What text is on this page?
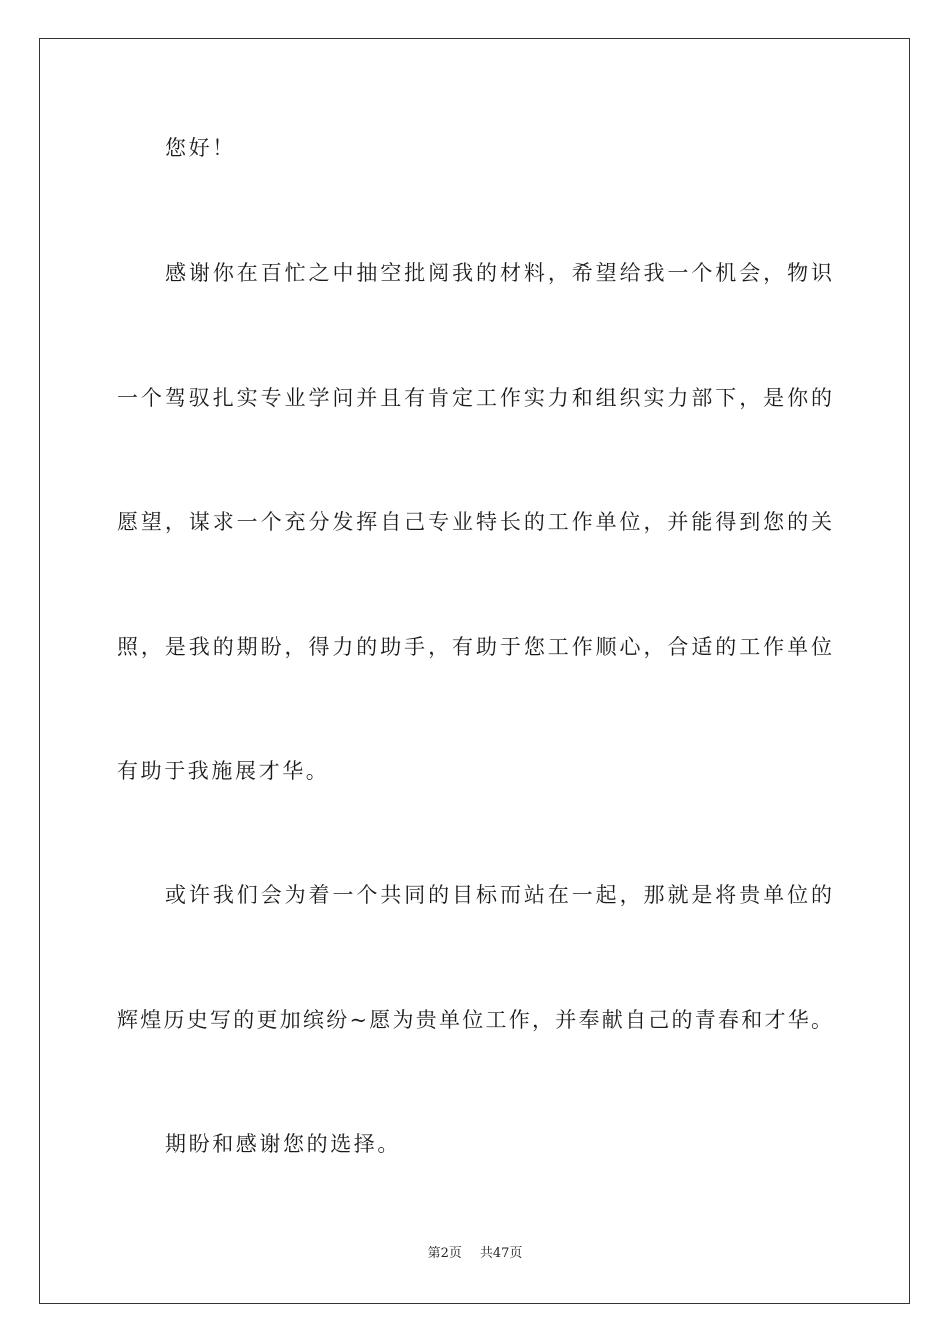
您好！
感谢你在百忙之中抽空批阅我的材料，希望给我一个机会，物识
一个驾驭扎实专业学问并且有肯定工作实力和组织实力部下，是你的
愿望，谋求一个充分发挥自己专业特长的工作单位，并能得到您的关
照，是我的期盼，得力的助手，有助于您工作顺心，合适的工作单位
有助于我施展才华。
或许我们会为着一个共同的目标而站在一起，那就是将贵单位的
辉煌历史写的更加缤纷~愿为贵单位工作，并奉献自己的青春和才华。
期盼和感谢您的选择。
第2页 共47页
